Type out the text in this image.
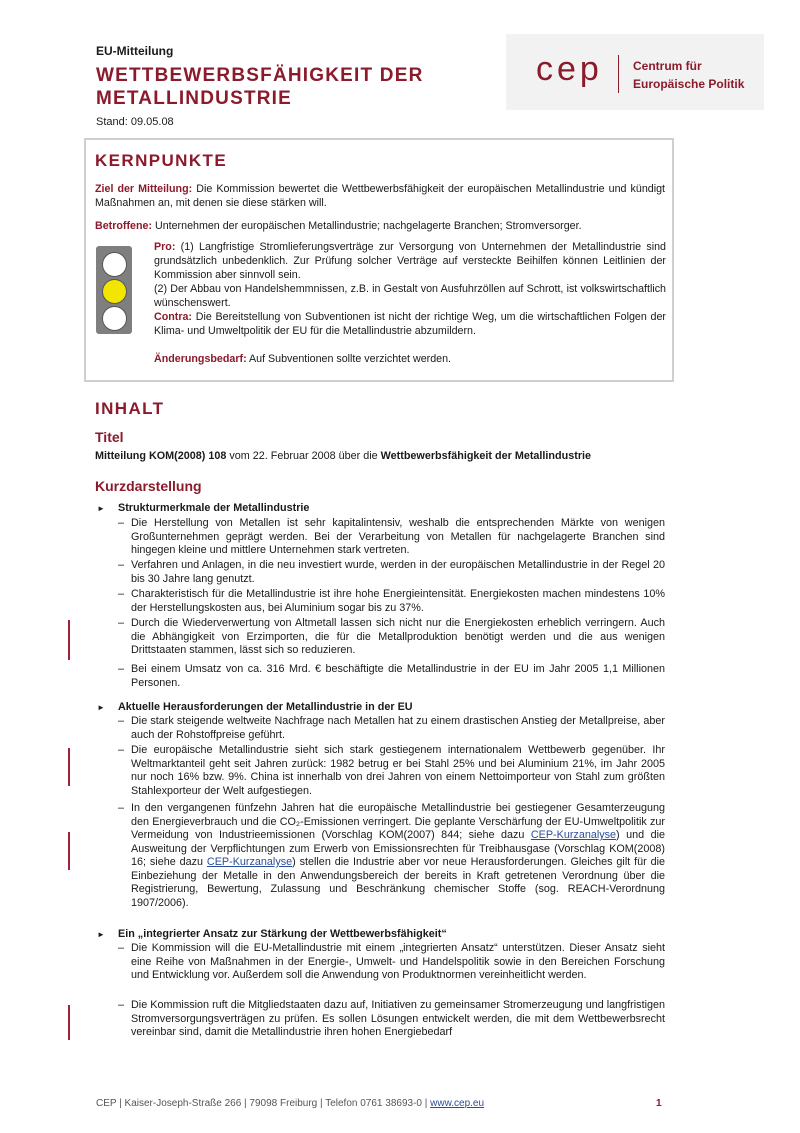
EU-Mitteilung
WETTBEWERBSFÄHIGKEIT DER METALLINDUSTRIE
Stand: 09.05.08
cep	Centrum für
Europäische Politik
KERNPUNKTE
Ziel der Mitteilung: Die Kommission bewertet die Wettbewerbsfähigkeit der europäischen Metallindustrie und kündigt Maßnahmen an, mit denen sie diese stärken will.
Betroffene: Unternehmen der europäischen Metallindustrie; nachgelagerte Branchen; Stromversorger.
Pro: (1) Langfristige Stromlieferungsverträge zur Versorgung von Unternehmen der Metallindustrie sind grundsätzlich unbedenklich. Zur Prüfung solcher Verträge auf versteckte Beihilfen können Leitlinien der Kommission aber sinnvoll sein.
(2) Der Abbau von Handelshemmnissen, z.B. in Gestalt von Ausfuhrzöllen auf Schrott, ist volkswirtschaftlich wünschenswert.
Contra: Die Bereitstellung von Subventionen ist nicht der richtige Weg, um die wirtschaftlichen Folgen der Klima- und Umweltpolitik der EU für die Metallindustrie abzumildern.
Änderungsbedarf: Auf Subventionen sollte verzichtet werden.
INHALT
Titel
Mitteilung KOM(2008) 108 vom 22. Februar 2008 über die Wettbewerbsfähigkeit der Metallindustrie
Kurzdarstellung
► Strukturmerkmale der Metallindustrie
– Die Herstellung von Metallen ist sehr kapitalintensiv, weshalb die entsprechenden Märkte von wenigen Großunternehmen geprägt werden. Bei der Verarbeitung von Metallen für nachgelagerte Branchen sind hingegen kleine und mittlere Unternehmen stark vertreten.
– Verfahren und Anlagen, in die neu investiert wurde, werden in der europäischen Metallindustrie in der Regel 20 bis 30 Jahre lang genutzt.
– Charakteristisch für die Metallindustrie ist ihre hohe Energieintensität. Energiekosten machen mindestens 10% der Herstellungskosten aus, bei Aluminium sogar bis zu 37%.
– Durch die Wiederverwertung von Altmetall lassen sich nicht nur die Energiekosten erheblich verringern. Auch die Abhängigkeit von Erzimporten, die für die Metallproduktion benötigt werden und die aus wenigen Drittstaaten stammen, lässt sich so reduzieren.
– Bei einem Umsatz von ca. 316 Mrd. € beschäftigte die Metallindustrie in der EU im Jahr 2005 1,1 Millionen Personen.
► Aktuelle Herausforderungen der Metallindustrie in der EU
– Die stark steigende weltweite Nachfrage nach Metallen hat zu einem drastischen Anstieg der Metallpreise, aber auch der Rohstoffpreise geführt.
– Die europäische Metallindustrie sieht sich stark gestiegenem internationalem Wettbewerb gegenüber. Ihr Weltmarktanteil geht seit Jahren zurück: 1982 betrug er bei Stahl 25% und bei Aluminium 21%, im Jahr 2005 nur noch 16% bzw. 9%. China ist innerhalb von drei Jahren von einem Nettoimporteur von Stahl zum größten Stahlexporteur der Welt aufgestiegen.
– In den vergangenen fünfzehn Jahren hat die europäische Metallindustrie bei gestiegener Gesamterzeugung den Energieverbrauch und die CO₂-Emissionen verringert. Die geplante Verschärfung der EU-Umweltpolitik zur Vermeidung von Industrieemissionen (Vorschlag KOM(2007) 844; siehe dazu CEP-Kurzanalyse) und die Ausweitung der Verpflichtungen zum Erwerb von Emissionsrechten für Treibhausgase (Vorschlag KOM(2008) 16; siehe dazu CEP-Kurzanalyse) stellen die Industrie aber vor neue Herausforderungen. Gleiches gilt für die Einbeziehung der Metalle in den Anwendungsbereich der bereits in Kraft getretenen Verordnung über die Registrierung, Bewertung, Zulassung und Beschränkung chemischer Stoffe (sog. REACH-Verordnung 1907/2006).
► Ein „integrierter Ansatz zur Stärkung der Wettbewerbsfähigkeit“
– Die Kommission will die EU-Metallindustrie mit einem „integrierten Ansatz“ unterstützen. Dieser Ansatz sieht eine Reihe von Maßnahmen in der Energie-, Umwelt- und Handelspolitik sowie in den Bereichen Forschung und Entwicklung vor. Außerdem soll die Anwendung von Produktnormen vereinheitlicht werden.
– Die Kommission ruft die Mitgliedstaaten dazu auf, Initiativen zu gemeinsamer Stromerzeugung und langfristigen Stromversorgungsverträgen zu prüfen. Es sollen Lösungen entwickelt werden, die mit dem Wettbewerbsrecht vereinbar sind, damit die Metallindustrie ihren hohen Energiebedarf
CEP | Kaiser-Joseph-Straße 266 | 79098 Freiburg | Telefon 0761 38693-0 | www.cep.eu	1
